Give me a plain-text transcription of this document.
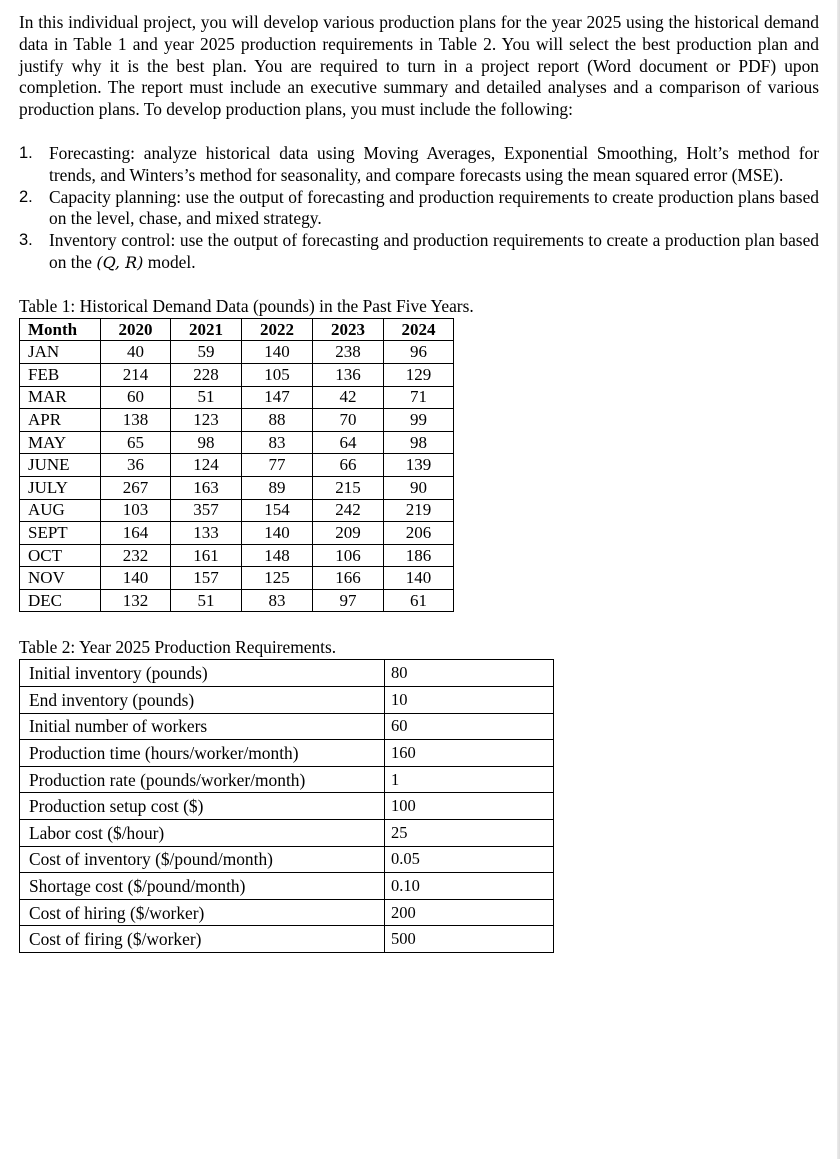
In this individual project, you will develop various production plans for the year 2025 using the historical demand data in Table 1 and year 2025 production requirements in Table 2. You will select the best production plan and justify why it is the best plan. You are required to turn in a project report (Word document or PDF) upon completion. The report must include an executive summary and detailed analyses and a comparison of various production plans. To develop production plans, you must include the following:

1. Forecasting: analyze historical data using Moving Averages, Exponential Smoothing, Holt’s method for trends, and Winters’s method for seasonality, and compare forecasts using the mean squared error (MSE).
2. Capacity planning: use the output of forecasting and production requirements to create production plans based on the level, chase, and mixed strategy.
3. Inventory control: use the output of forecasting and production requirements to create a production plan based on the (Q, R) model.

Table 1: Historical Demand Data (pounds) in the Past Five Years.

Month	2020	2021	2022	2023	2024
JAN	40	59	140	238	96
FEB	214	228	105	136	129
MAR	60	51	147	42	71
APR	138	123	88	70	99
MAY	65	98	83	64	98
JUNE	36	124	77	66	139
JULY	267	163	89	215	90
AUG	103	357	154	242	219
SEPT	164	133	140	209	206
OCT	232	161	148	106	186
NOV	140	157	125	166	140
DEC	132	51	83	97	61

Table 2: Year 2025 Production Requirements.

Initial inventory (pounds)	80
End inventory (pounds)	10
Initial number of workers	60
Production time (hours/worker/month)	160
Production rate (pounds/worker/month)	1
Production setup cost ($)	100
Labor cost ($/hour)	25
Cost of inventory ($/pound/month)	0.05
Shortage cost ($/pound/month)	0.10
Cost of hiring ($/worker)	200
Cost of firing ($/worker)	500
